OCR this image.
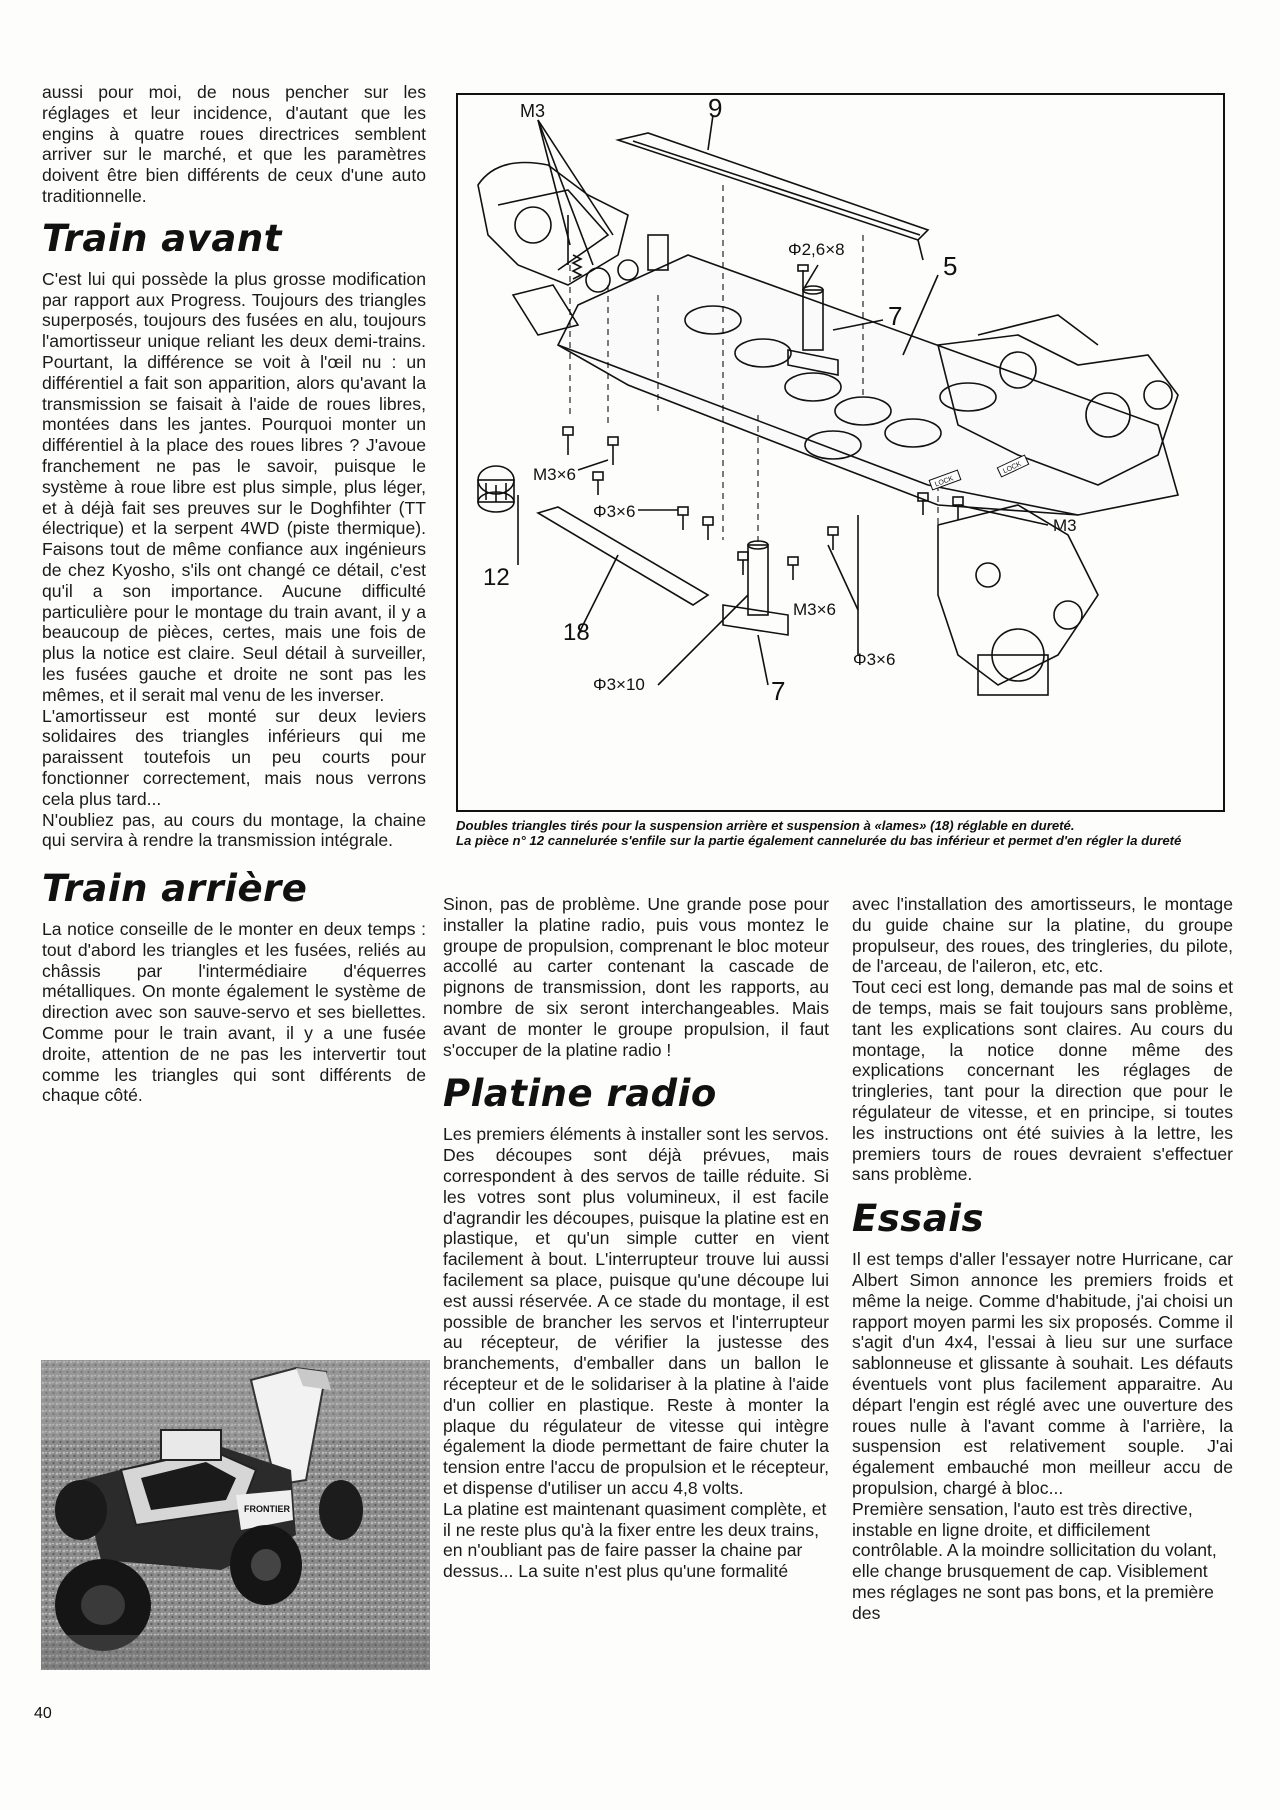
aussi pour moi, de nous pencher sur les réglages et leur incidence, d'autant que les engins à quatre roues directrices semblent arriver sur le marché, et que les paramètres doivent être bien différents de ceux d'une auto traditionnelle.

Train avant

C'est lui qui possède la plus grosse modification par rapport aux Progress. Toujours des triangles superposés, toujours des fusées en alu, toujours l'amortisseur unique reliant les deux demi-trains. Pourtant, la différence se voit à l'œil nu : un différentiel a fait son apparition, alors qu'avant la transmission se faisait à l'aide de roues libres, montées dans les jantes. Pourquoi monter un différentiel à la place des roues libres ? J'avoue franchement ne pas le savoir, puisque le système à roue libre est plus simple, plus léger, et à déjà fait ses preuves sur le Doghfihter (TT électrique) et la serpent 4WD (piste thermique). Faisons tout de même confiance aux ingénieurs de chez Kyosho, s'ils ont changé ce détail, c'est qu'il a son importance. Aucune difficulté particulière pour le montage du train avant, il y a beaucoup de pièces, certes, mais une fois de plus la notice est claire. Seul détail à surveiller, les fusées gauche et droite ne sont pas les mêmes, et il serait mal venu de les inverser.

L'amortisseur est monté sur deux leviers solidaires des triangles inférieurs qui me paraissent toutefois un peu courts pour fonctionner correctement, mais nous verrons cela plus tard...

N'oubliez pas, au cours du montage, la chaine qui servira à rendre la transmission intégrale.

Train arrière

La notice conseille de le monter en deux temps : tout d'abord les triangles et les fusées, reliés au châssis par l'intermédiaire d'équerres métalliques. On monte également le système de direction avec son sauve-servo et ses biellettes. Comme pour le train avant, il y a une fusée droite, attention de ne pas les intervertir tout comme les triangles qui sont différents de chaque côté.

FRONTIER
40
LOCK
LOCK
M3	9
Φ2,6×8
5
7
M3×6
Φ3×6
M3
12
18
M3×6
Φ3×6
Φ3×10	7
Doubles triangles tirés pour la suspension arrière et suspension à «lames» (18) réglable en dureté.
La pièce n° 12 cannelurée s'enfile sur la partie également cannelurée du bas inférieur et permet d'en régler la dureté

Sinon, pas de problème. Une grande pose pour installer la platine radio, puis vous montez le groupe de propulsion, comprenant le bloc moteur accollé au carter contenant la cascade de pignons de transmission, dont les rapports, au nombre de six seront interchangeables. Mais avant de monter le groupe propulsion, il faut s'occuper de la platine radio !

Platine radio

Les premiers éléments à installer sont les servos. Des découpes sont déjà prévues, mais correspondent à des servos de taille réduite. Si les votres sont plus volumineux, il est facile d'agrandir les découpes, puisque la platine est en plastique, et qu'un simple cutter en vient facilement à bout. L'interrupteur trouve lui aussi facilement sa place, puisque qu'une découpe lui est aussi réservée. A ce stade du montage, il est possible de brancher les servos et l'interrupteur au récepteur, de vérifier la justesse des branchements, d'emballer dans un ballon le récepteur et de le solidariser à la platine à l'aide d'un collier en plastique. Reste à monter la plaque du régulateur de vitesse qui intègre également la diode permettant de faire chuter la tension entre l'accu de propulsion et le récepteur, et dispense d'utiliser un accu 4,8 volts.

La platine est maintenant quasiment complète, et il ne reste plus qu'à la fixer entre les deux trains, en n'oubliant pas de faire passer la chaine par dessus... La suite n'est plus qu'une formalité

avec l'installation des amortisseurs, le montage du guide chaine sur la platine, du groupe propulseur, des roues, des tringleries, du pilote, de l'arceau, de l'aileron, etc, etc.

Tout ceci est long, demande pas mal de soins et de temps, mais se fait toujours sans problème, tant les explications sont claires. Au cours du montage, la notice donne même des explications concernant les réglages de tringleries, tant pour la direction que pour le régulateur de vitesse, et en principe, si toutes les instructions ont été suivies à la lettre, les premiers tours de roues devraient s'effectuer sans problème.

Essais

Il est temps d'aller l'essayer notre Hurricane, car Albert Simon annonce les premiers froids et même la neige. Comme d'habitude, j'ai choisi un rapport moyen parmi les six proposés. Comme il s'agit d'un 4x4, l'essai à lieu sur une surface sablonneuse et glissante à souhait. Les défauts éventuels vont plus facilement apparaitre. Au départ l'engin est réglé avec une ouverture des roues nulle à l'avant comme à l'arrière, la suspension est relativement souple. J'ai également embauché mon meilleur accu de propulsion, chargé à bloc...

Première sensation, l'auto est très directive, instable en ligne droite, et difficilement contrôlable. A la moindre sollicitation du volant, elle change brusquement de cap. Visiblement mes réglages ne sont pas bons, et la première des
